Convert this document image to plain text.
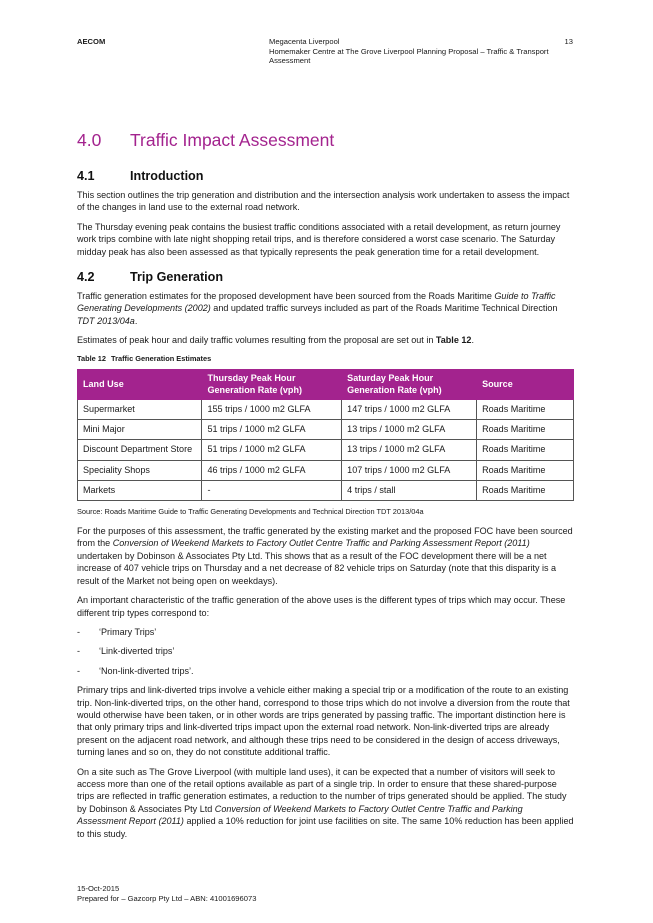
AECOM	Megacenta Liverpool
Homemaker Centre at The Grove Liverpool Planning Proposal – Traffic & Transport Assessment
13
4.0	Traffic Impact Assessment
4.1	Introduction

This section outlines the trip generation and distribution and the intersection analysis work undertaken to assess the impact of the changes in land use to the external road network.

The Thursday evening peak contains the busiest traffic conditions associated with a retail development, as return journey work trips combine with late night shopping retail trips, and is therefore considered a worst case scenario. The Saturday midday peak has also been assessed as that typically represents the peak generation time for a retail development.

4.2	Trip Generation

Traffic generation estimates for the proposed development have been sourced from the Roads Maritime Guide to Traffic Generating Developments (2002) and updated traffic surveys included as part of the Roads Maritime Technical Direction TDT 2013/04a.

Estimates of peak hour and daily traffic volumes resulting from the proposal are set out in Table 12.

Table 12 Traffic Generation Estimates
Land Use	Thursday Peak Hour Generation Rate (vph)	Saturday Peak Hour Generation Rate (vph)	Source
Supermarket	155 trips / 1000 m2 GLFA	147 trips / 1000 m2 GLFA	Roads Maritime
Mini Major	51 trips / 1000 m2 GLFA	13 trips / 1000 m2 GLFA	Roads Maritime
Discount Department Store	51 trips / 1000 m2 GLFA	13 trips / 1000 m2 GLFA	Roads Maritime
Speciality Shops	46 trips / 1000 m2 GLFA	107 trips / 1000 m2 GLFA	Roads Maritime
Markets	-	4 trips / stall	Roads Maritime
Source: Roads Maritime Guide to Traffic Generating Developments and Technical Direction TDT 2013/04a

For the purposes of this assessment, the traffic generated by the existing market and the proposed FOC have been sourced from the Conversion of Weekend Markets to Factory Outlet Centre Traffic and Parking Assessment Report (2011) undertaken by Dobinson & Associates Pty Ltd. This shows that as a result of the FOC development there will be a net increase of 407 vehicle trips on Thursday and a net decrease of 82 vehicle trips on Saturday (note that this disparity is a result of the Market not being open on weekdays).

An important characteristic of the traffic generation of the above uses is the different types of trips which may occur. These different trip types correspond to:

-	‘Primary Trips’
-	‘Link-diverted trips’
-	‘Non-link-diverted trips’.

Primary trips and link-diverted trips involve a vehicle either making a special trip or a modification of the route to an existing trip. Non-link-diverted trips, on the other hand, correspond to those trips which do not involve a diversion from the route that would otherwise have been taken, or in other words are trips generated by passing traffic. The important distinction here is that only primary trips and link-diverted trips impact upon the external road network. Non-link-diverted trips are already present on the adjacent road network, and although these trips need to be considered in the design of access driveways, turning lanes and so on, they do not constitute additional traffic.

On a site such as The Grove Liverpool (with multiple land uses), it can be expected that a number of visitors will seek to access more than one of the retail options available as part of a single trip. In order to ensure that these shared-purpose trips are reflected in traffic generation estimates, a reduction to the number of trips generated should be applied. The study by Dobinson & Associates Pty Ltd Conversion of Weekend Markets to Factory Outlet Centre Traffic and Parking Assessment Report (2011) applied a 10% reduction for joint use facilities on site. The same 10% reduction has been applied to this study.

15-Oct-2015
Prepared for – Gazcorp Pty Ltd – ABN: 41001696073
